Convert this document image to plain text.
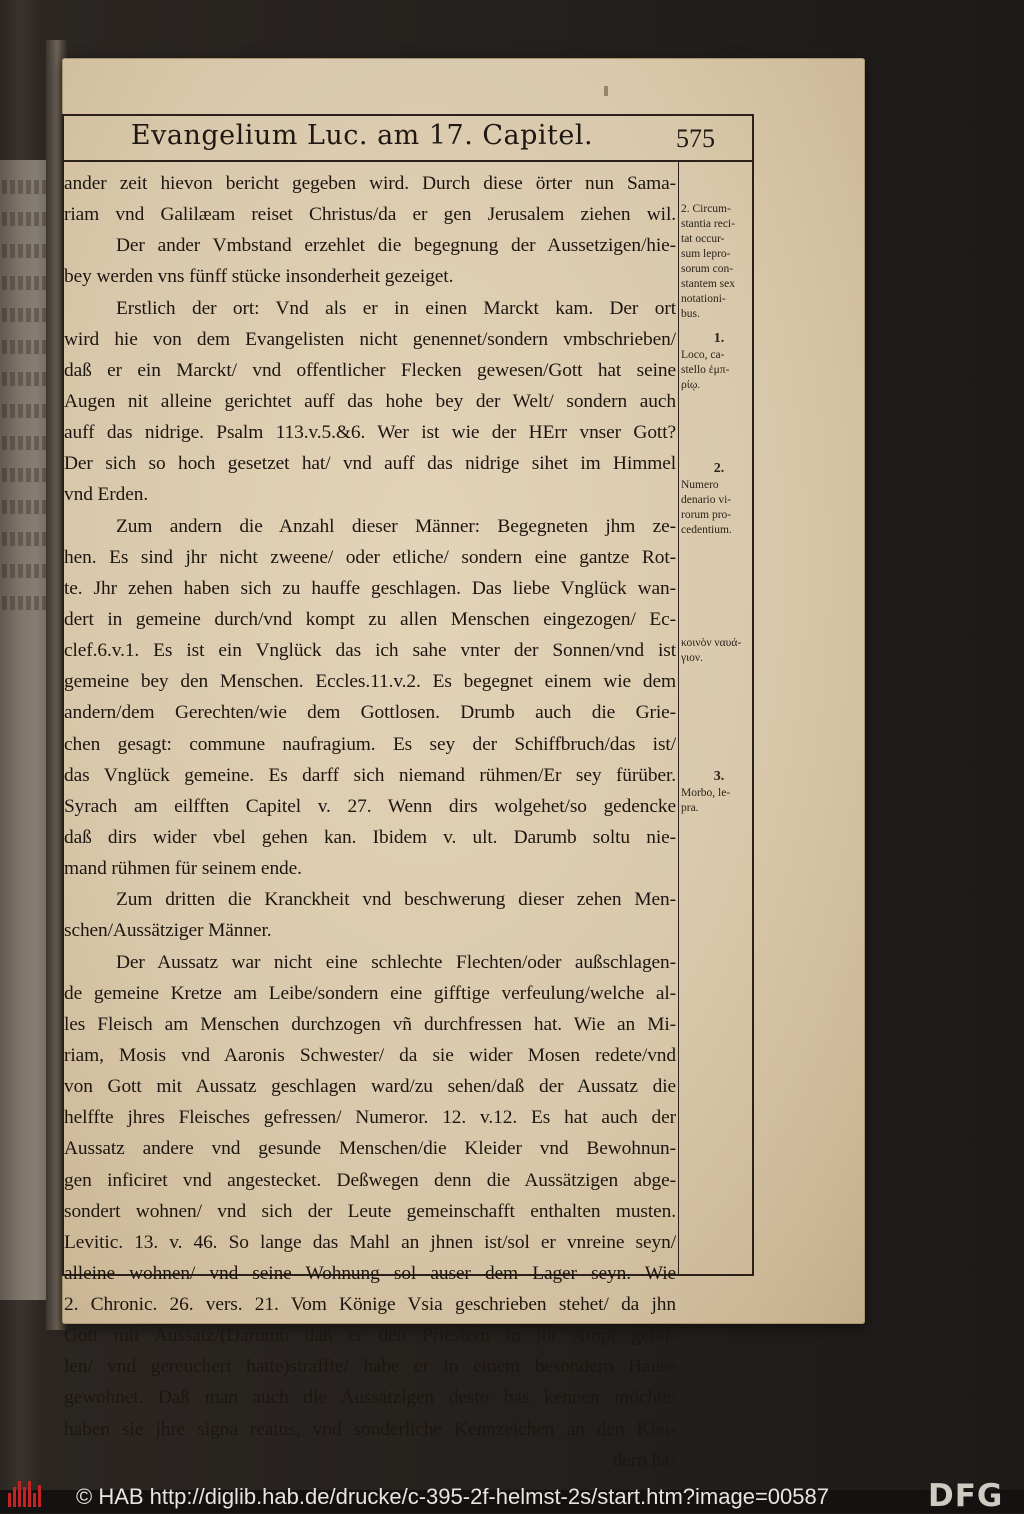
Evangelium Luc. am 17. Capitel.	575
ander zeit hievon bericht gegeben wird. Durch diese örter nun Sama-
riam vnd Galilæam reiset Christus/da er gen Jerusalem ziehen wil.
Der ander Vmbstand erzehlet die begegnung der Aussetzigen/hie-
bey werden vns fünff stücke insonderheit gezeiget.
Erstlich der ort: Vnd als er in einen Marckt kam. Der ort
wird hie von dem Evangelisten nicht genennet/sondern vmbschrieben/
daß er ein Marckt/ vnd offentlicher Flecken gewesen/Gott hat seine
Augen nit alleine gerichtet auff das hohe bey der Welt/ sondern auch
auff das nidrige. Psalm 113.v.5.&6. Wer ist wie der HErr vnser Gott?
Der sich so hoch gesetzet hat/ vnd auff das nidrige sihet im Himmel
vnd Erden.
Zum andern die Anzahl dieser Männer: Begegneten jhm ze-
hen. Es sind jhr nicht zweene/ oder etliche/ sondern eine gantze Rot-
te. Jhr zehen haben sich zu hauffe geschlagen. Das liebe Vnglück wan-
dert in gemeine durch/vnd kompt zu allen Menschen eingezogen/ Ec-
clef.6.v.1. Es ist ein Vnglück das ich sahe vnter der Sonnen/vnd ist
gemeine bey den Menschen. Eccles.11.v.2. Es begegnet einem wie dem
andern/dem Gerechten/wie dem Gottlosen. Drumb auch die Grie-
chen gesagt: commune naufragium. Es sey der Schiffbruch/das ist/
das Vnglück gemeine. Es darff sich niemand rühmen/Er sey fürüber.
Syrach am eilfften Capitel v. 27. Wenn dirs wolgehet/so gedencke
daß dirs wider vbel gehen kan. Ibidem v. ult. Darumb soltu nie-
mand rühmen für seinem ende.
Zum dritten die Kranckheit vnd beschwerung dieser zehen Men-
schen/Aussätziger Männer.
Der Aussatz war nicht eine schlechte Flechten/oder außschlagen-
de gemeine Kretze am Leibe/sondern eine gifftige verfeulung/welche al-
les Fleisch am Menschen durchzogen vñ durchfressen hat. Wie an Mi-
riam, Mosis vnd Aaronis Schwester/ da sie wider Mosen redete/vnd
von Gott mit Aussatz geschlagen ward/zu sehen/daß der Aussatz die
helffte jhres Fleisches gefressen/ Numeror. 12. v.12. Es hat auch der
Aussatz andere vnd gesunde Menschen/die Kleider vnd Bewohnun-
gen inficiret vnd angestecket. Deßwegen denn die Aussätzigen abge-
sondert wohnen/ vnd sich der Leute gemeinschafft enthalten musten.
Levitic. 13. v. 46. So lange das Mahl an jhnen ist/sol er vnreine seyn/
alleine wohnen/ vnd seine Wohnung sol auser dem Lager seyn. Wie
2. Chronic. 26. vers. 21. Vom Könige Vsia geschrieben stehet/ da jhn
Gott mit Aussatz/(Darumb daß er den Priestern in jhr Ampt gefal-
len/ vnd gereuchert hatte)straffte/ habe er in einem besondern Hause
gewohnet. Daß man auch die Aussätzigen desto bas kennen möchte/
haben sie jhre signa reatus, vnd sonderliche Kennzeichen an den Klei-
dern ha-
2. Circum-
stantia reci-
tat occur-
sum lepro-
sorum con-
stantem sex
notationi-
bus.
1.
Loco, ca-
stello ἐμπ-
ρίῳ.
2.
Numero
denario vi-
rorum pro-
cedentium.
κοινὸν ναυά-
γιον.
3.
Morbo, le-
pra.
© HAB http://diglib.hab.de/drucke/c-395-2f-helmst-2s/start.htm?image=00587	DFG
